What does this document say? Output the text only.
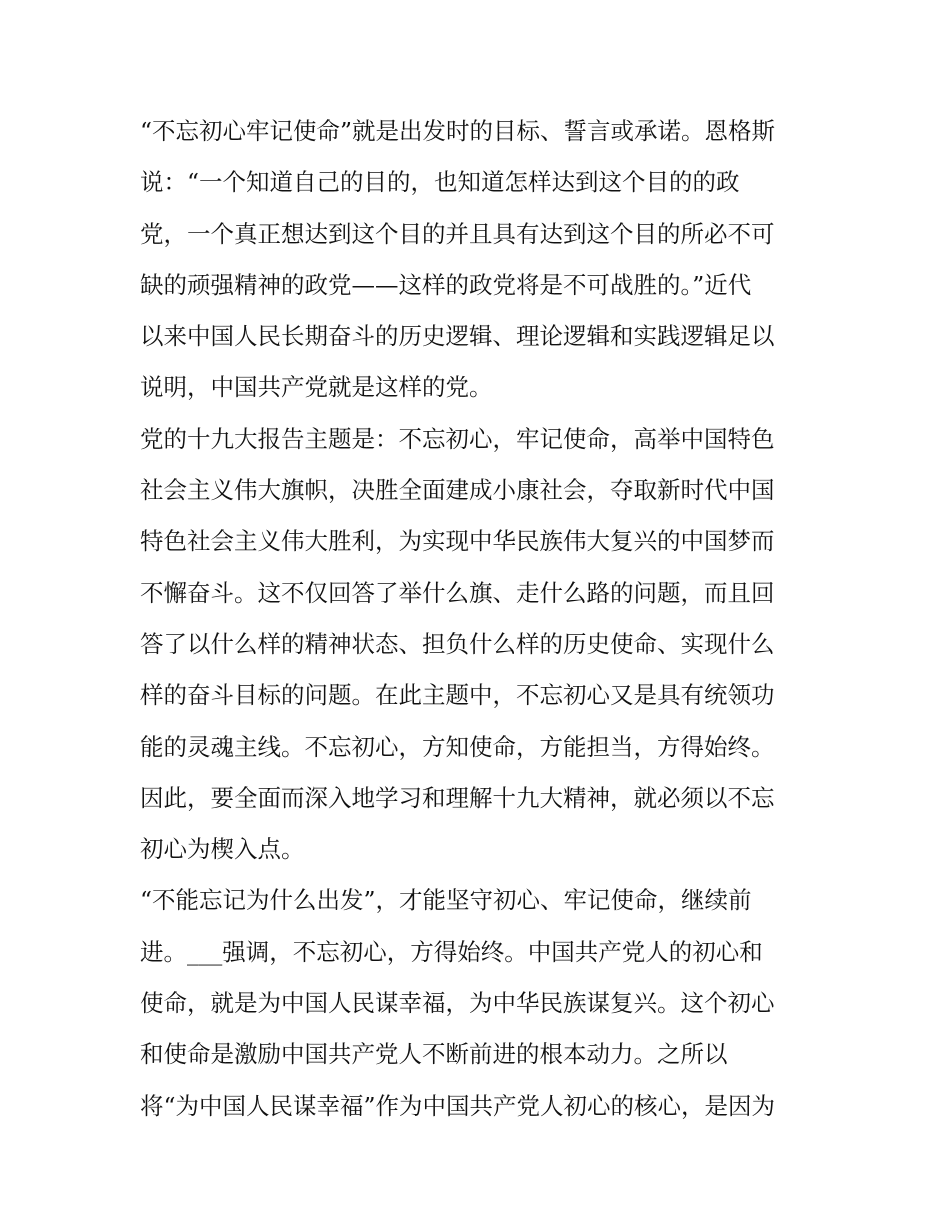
“不忘初心牢记使命”就是出发时的目标、誓言或承诺。恩格斯
说：“一个知道自己的目的，也知道怎样达到这个目的的政
党，一个真正想达到这个目的并且具有达到这个目的所必不可
缺的顽强精神的政党——这样的政党将是不可战胜的。”近代
以来中国人民长期奋斗的历史逻辑、理论逻辑和实践逻辑足以
说明，中国共产党就是这样的党。
党的十九大报告主题是：不忘初心，牢记使命，高举中国特色
社会主义伟大旗帜，决胜全面建成小康社会，夺取新时代中国
特色社会主义伟大胜利，为实现中华民族伟大复兴的中国梦而
不懈奋斗。这不仅回答了举什么旗、走什么路的问题，而且回
答了以什么样的精神状态、担负什么样的历史使命、实现什么
样的奋斗目标的问题。在此主题中，不忘初心又是具有统领功
能的灵魂主线。不忘初心，方知使命，方能担当，方得始终。
因此，要全面而深入地学习和理解十九大精神，就必须以不忘
初心为楔入点。
“不能忘记为什么出发”，才能坚守初心、牢记使命，继续前
进。___强调，不忘初心，方得始终。中国共产党人的初心和
使命，就是为中国人民谋幸福，为中华民族谋复兴。这个初心
和使命是激励中国共产党人不断前进的根本动力。之所以
将“为中国人民谋幸福”作为中国共产党人初心的核心，是因为
